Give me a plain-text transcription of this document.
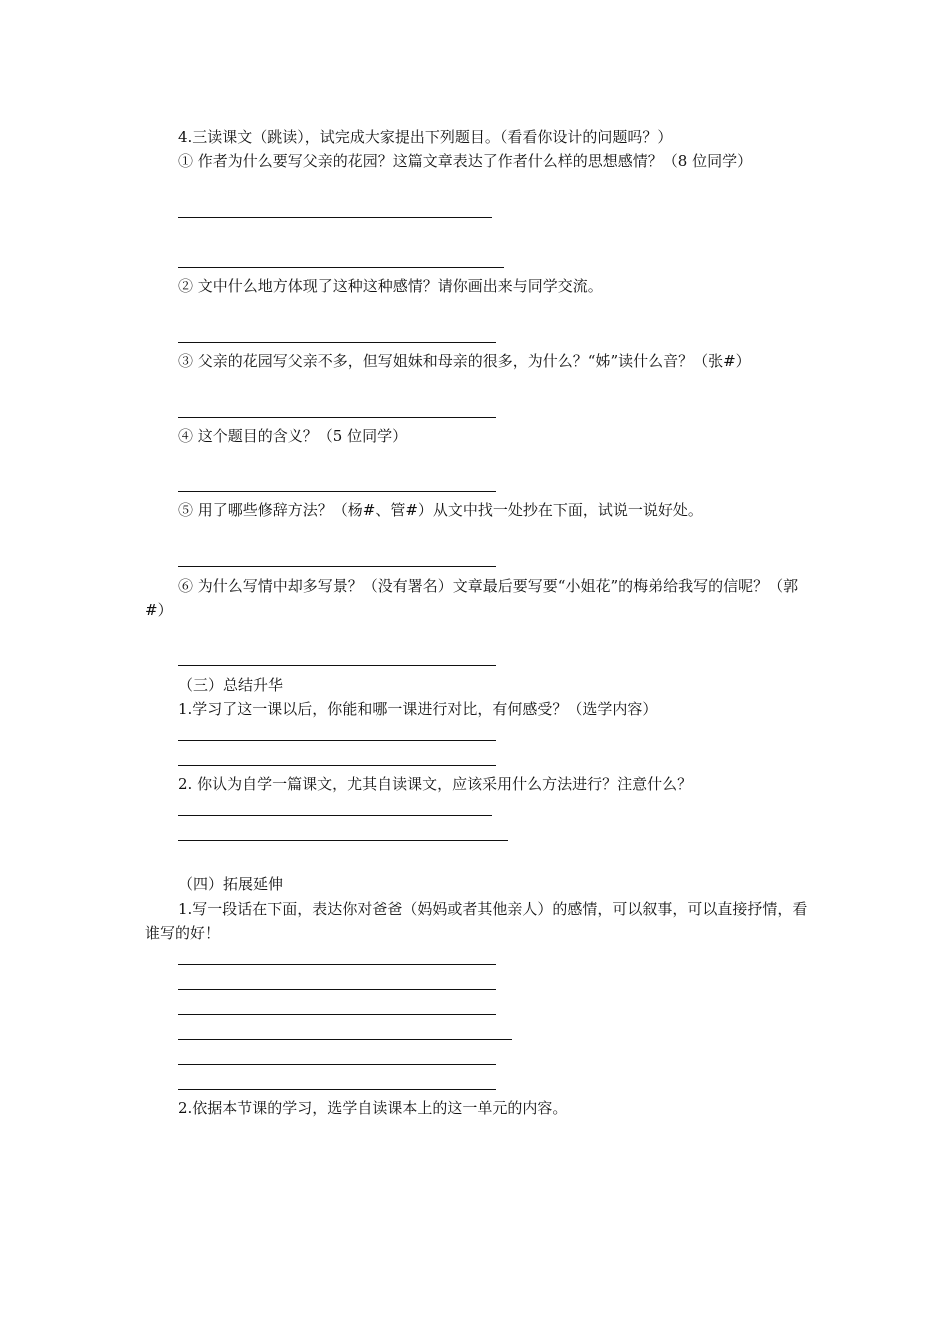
4.三读课文（跳读），试完成大家提出下列题目。（看看你设计的问题吗？）
① 作者为什么要写父亲的花园？这篇文章表达了作者什么样的思想感情？（8 位同学）
② 文中什么地方体现了这种这种感情？请你画出来与同学交流。
③ 父亲的花园写父亲不多，但写姐妹和母亲的很多，为什么？“姊”读什么音？（张#）
④ 这个题目的含义？（5 位同学）
⑤ 用了哪些修辞方法？（杨#、管#）从文中找一处抄在下面，试说一说好处。
⑥ 为什么写情中却多写景？（没有署名）文章最后要写要“小姐花”的梅弟给我写的信呢？（郭#）
（三）总结升华
1.学习了这一课以后，你能和哪一课进行对比，有何感受？（选学内容）
2. 你认为自学一篇课文，尤其自读课文，应该采用什么方法进行？注意什么？
（四）拓展延伸
1.写一段话在下面，表达你对爸爸（妈妈或者其他亲人）的感情，可以叙事，可以直接抒情，看谁写的好！
2.依据本节课的学习，选学自读课本上的这一单元的内容。
